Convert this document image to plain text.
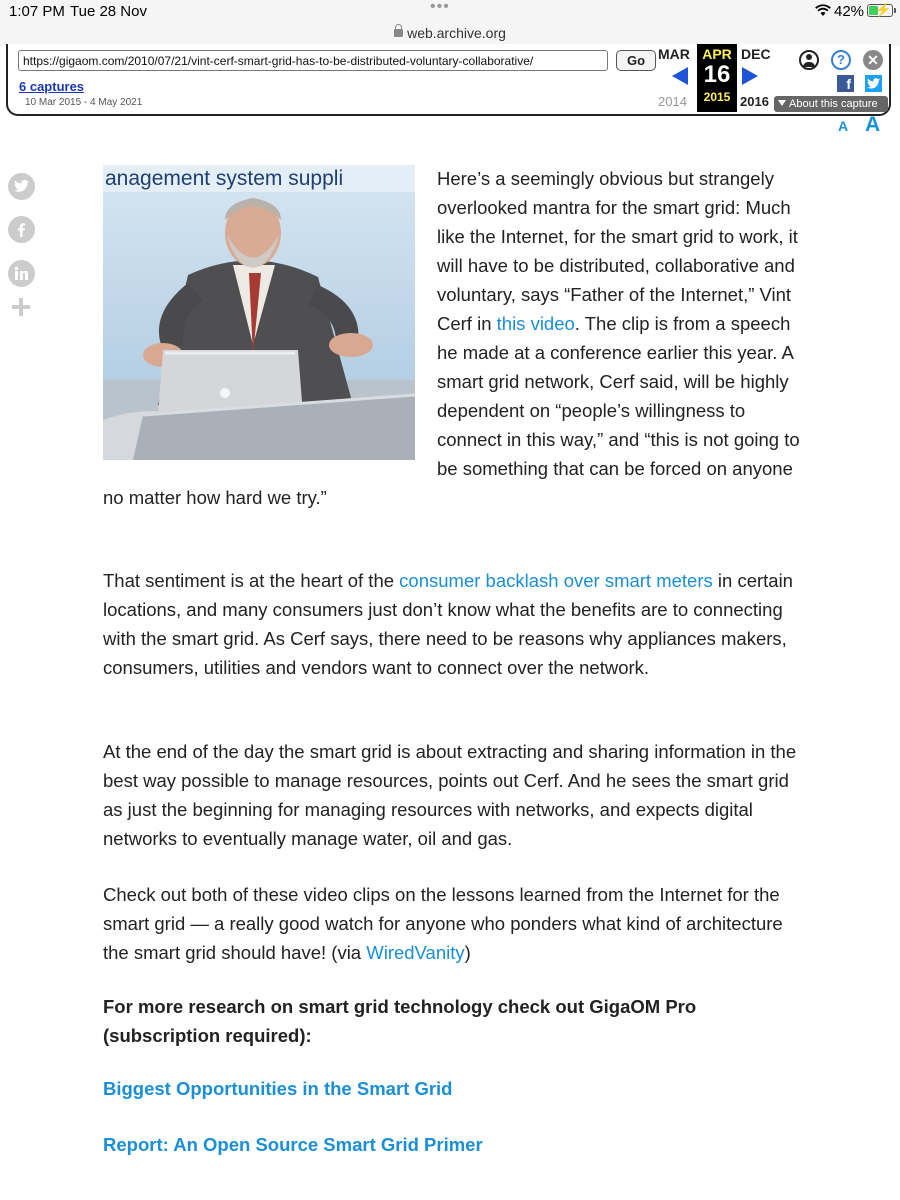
1:07 PM Tue 28 Nov	•••	42% ⚡
web.archive.org
https://gigaom.com/2010/07/21/vint-cerf-smart-grid-has-to-be-distributed-voluntary-collaborative/
Go
6 captures
10 Mar 2015 - 4 May 2021
MAR
2014
APR
16
2015
DEC
2016	About this capture
?	✕
f
A A
anagement system suppli	Here’s a seemingly obvious but strangely overlooked mantra for the smart grid: Much like the Internet, for the smart grid to work, it will have to be distributed, collaborative and voluntary, says “Father of the Internet,” Vint Cerf in this video. The clip is from a speech he made at a conference earlier this year. A smart grid network, Cerf said, will be highly dependent on “people’s willingness to connect in this way,” and “this is not going to be something that can be forced on anyone no matter how hard we try.”
That sentiment is at the heart of the consumer backlash over smart meters in certain locations, and many consumers just don’t know what the benefits are to connecting with the smart grid. As Cerf says, there need to be reasons why appliances makers, consumers, utilities and vendors want to connect over the network.
At the end of the day the smart grid is about extracting and sharing information in the best way possible to manage resources, points out Cerf. And he sees the smart grid as just the beginning for managing resources with networks, and expects digital networks to eventually manage water, oil and gas.
Check out both of these video clips on the lessons learned from the Internet for the smart grid — a really good watch for anyone who ponders what kind of architecture the smart grid should have! (via WiredVanity)
For more research on smart grid technology check out GigaOM Pro (subscription required):
Biggest Opportunities in the Smart Grid
Report: An Open Source Smart Grid Primer
